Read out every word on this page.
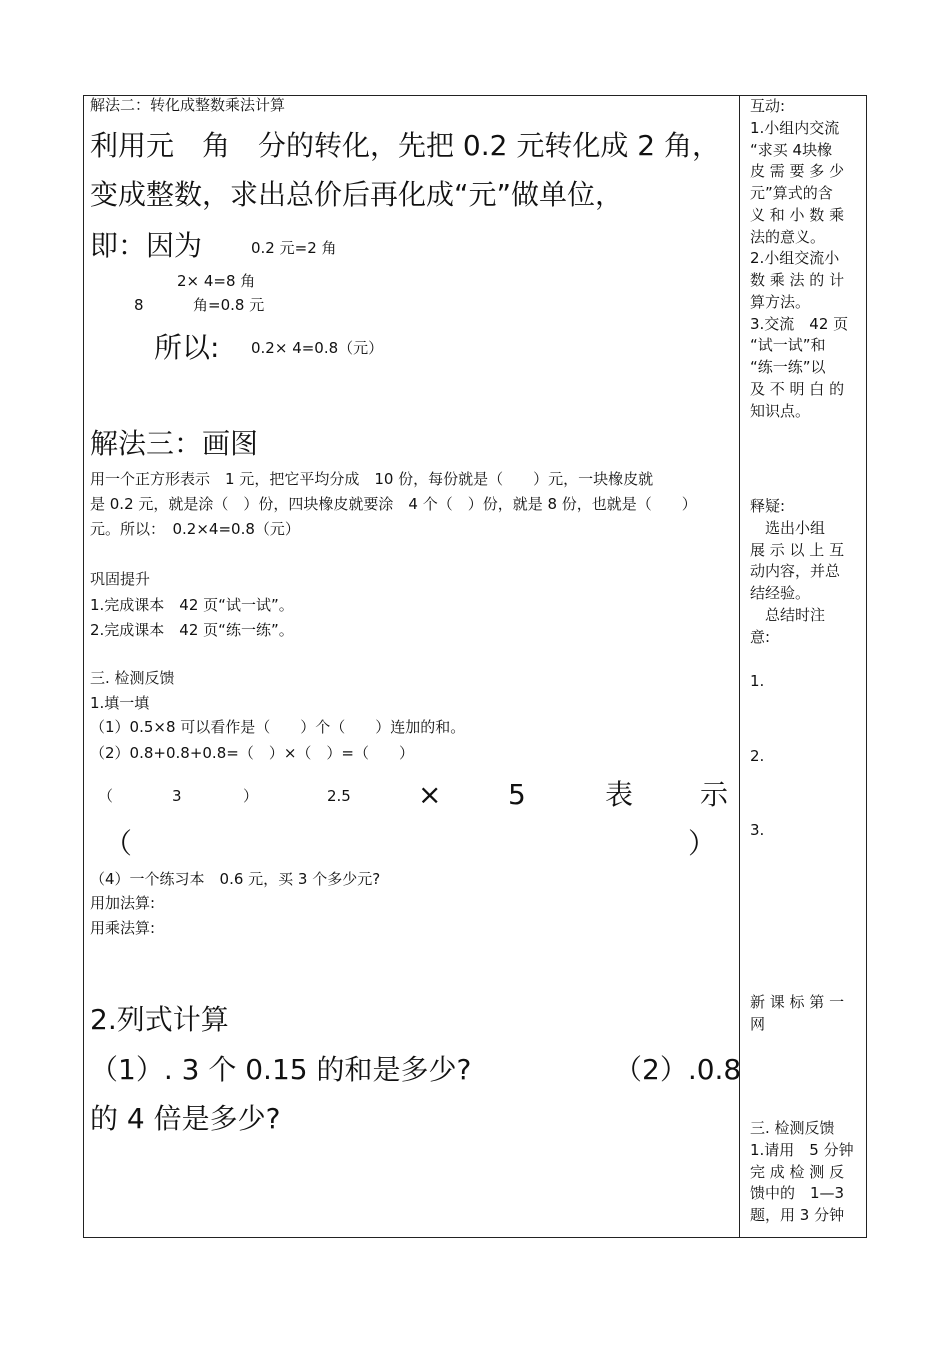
解法二：转化成整数乘法计算
利用元　角　分的转化，先把 0.2 元转化成 2 角，
变成整数，求出总价后再化成“元”做单位，
即：因为	0.2 元=2 角
2× 4=8 角
8	角=0.8 元
所以: 0.2× 4=0.8（元）
解法三：画图
用一个正方形表示　1 元，把它平均分成　10 份，每份就是（　　）元，一块橡皮就
是 0.2 元，就是涂（　）份，四块橡皮就要涂　4 个（　）份，就是 8 份，也就是（　　）
元。所以：　0.2×4=0.8（元）
巩固提升
1.完成课本　42 页“试一试”。
2.完成课本　42 页“练一练”。
三. 检测反馈
1.填一填
（1）0.5×8 可以看作是（　　）个（　　）连加的和。
（2）0.8+0.8+0.8=（　）×（　）=（　　）
（	3	）	2.5 × 5	表 示
（	）
（4）一个练习本　0.6 元，买 3 个多少元?
用加法算:
用乘法算:
2.列式计算
（1）. 3 个 0.15 的和是多少?	（2）.0.8
的 4 倍是多少?
互动:
1.小组内交流
“求买 4块橡
皮 需 要 多 少
元”算式的含
义 和 小 数 乘
法的意义。
2.小组交流小
数 乘 法 的 计
算方法。
3.交流　42 页
“试一试”和
“练一练”以
及 不 明 白 的
知识点。
释疑:
　选出小组
展 示 以 上 互
动内容，并总
结经验。
　总结时注
意:
1.
2.
3.
新 课 标 第 一
网
三. 检测反馈
1.请用　5 分钟
完 成 检 测 反
馈中的　1—3
题，用 3 分钟
